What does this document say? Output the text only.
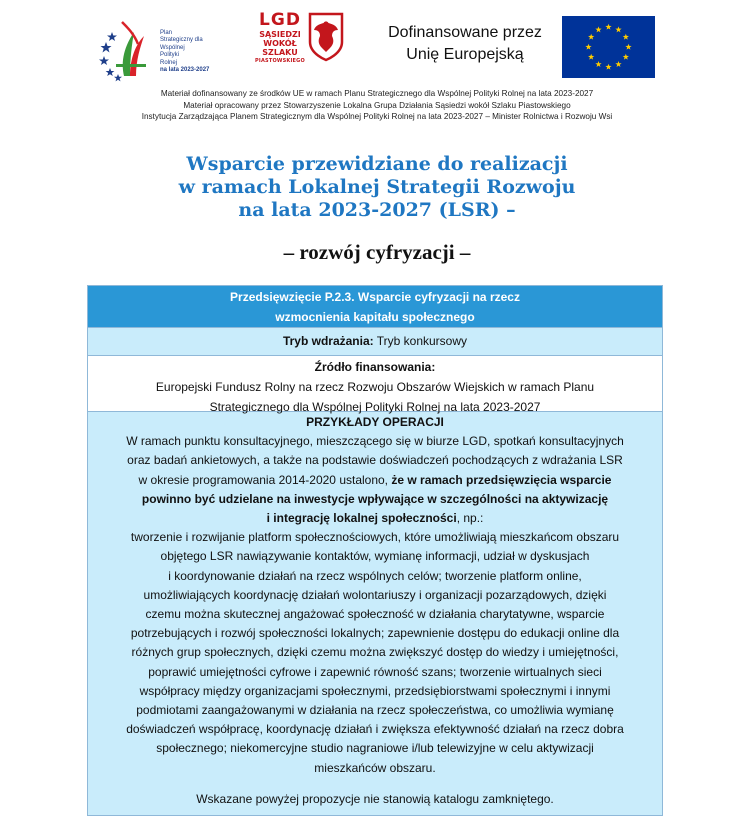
Plan
Strategiczny dla
Wspólnej
Polityki
Rolnej
na lata 2023-2027
LGD
SĄSIEDZI
WOKÓŁ
SZLAKU
PIASTOWSKIEGO
Dofinansowane przez
Unię Europejską
Materiał dofinansowany ze środków UE w ramach Planu Strategicznego dla Wspólnej Polityki Rolnej na lata 2023-2027
Materiał opracowany przez Stowarzyszenie Lokalna Grupa Działania Sąsiedzi wokół Szlaku Piastowskiego
Instytucja Zarządzająca Planem Strategicznym dla Wspólnej Polityki Rolnej na lata 2023-2027 – Minister Rolnictwa i Rozwoju Wsi
Wsparcie przewidziane do realizacji
w ramach Lokalnej Strategii Rozwoju
na lata 2023-2027 (LSR) –
– rozwój cyfryzacji –
Przedsięwzięcie P.2.3. Wsparcie cyfryzacji na rzecz
wzmocnienia kapitału społecznego
Tryb wdrażania: Tryb konkursowy
Źródło finansowania:
Europejski Fundusz Rolny na rzecz Rozwoju Obszarów Wiejskich w ramach Planu
Strategicznego dla Wspólnej Polityki Rolnej na lata 2023-2027
PRZYKŁADY OPERACJI
W ramach punktu konsultacyjnego, mieszczącego się w biurze LGD, spotkań konsultacyjnych
oraz badań ankietowych, a także na podstawie doświadczeń pochodzących z wdrażania LSR
w okresie programowania 2014-2020 ustalono, że w ramach przedsięwzięcia wsparcie
powinno być udzielane na inwestycje wpływające w szczególności na aktywizację
i integrację lokalnej społeczności, np.:
tworzenie i rozwijanie platform społecznościowych, które umożliwiają mieszkańcom obszaru
objętego LSR nawiązywanie kontaktów, wymianę informacji, udział w dyskusjach
i koordynowanie działań na rzecz wspólnych celów; tworzenie platform online,
umożliwiających koordynację działań wolontariuszy i organizacji pozarządowych, dzięki
czemu można skutecznej angażować społeczność w działania charytatywne, wsparcie
potrzebujących i rozwój społeczności lokalnych; zapewnienie dostępu do edukacji online dla
różnych grup społecznych, dzięki czemu można zwiększyć dostęp do wiedzy i umiejętności,
poprawić umiejętności cyfrowe i zapewnić równość szans; tworzenie wirtualnych sieci
współpracy między organizacjami społecznymi, przedsiębiorstwami społecznymi i innymi
podmiotami zaangażowanymi w działania na rzecz społeczeństwa, co umożliwia wymianę
doświadczeń współpracę, koordynację działań i zwiększa efektywność działań na rzecz dobra
społecznego; niekomercyjne studio nagraniowe i/lub telewizyjne w celu aktywizacji
mieszkańców obszaru.
Wskazane powyżej propozycje nie stanowią katalogu zamkniętego.
